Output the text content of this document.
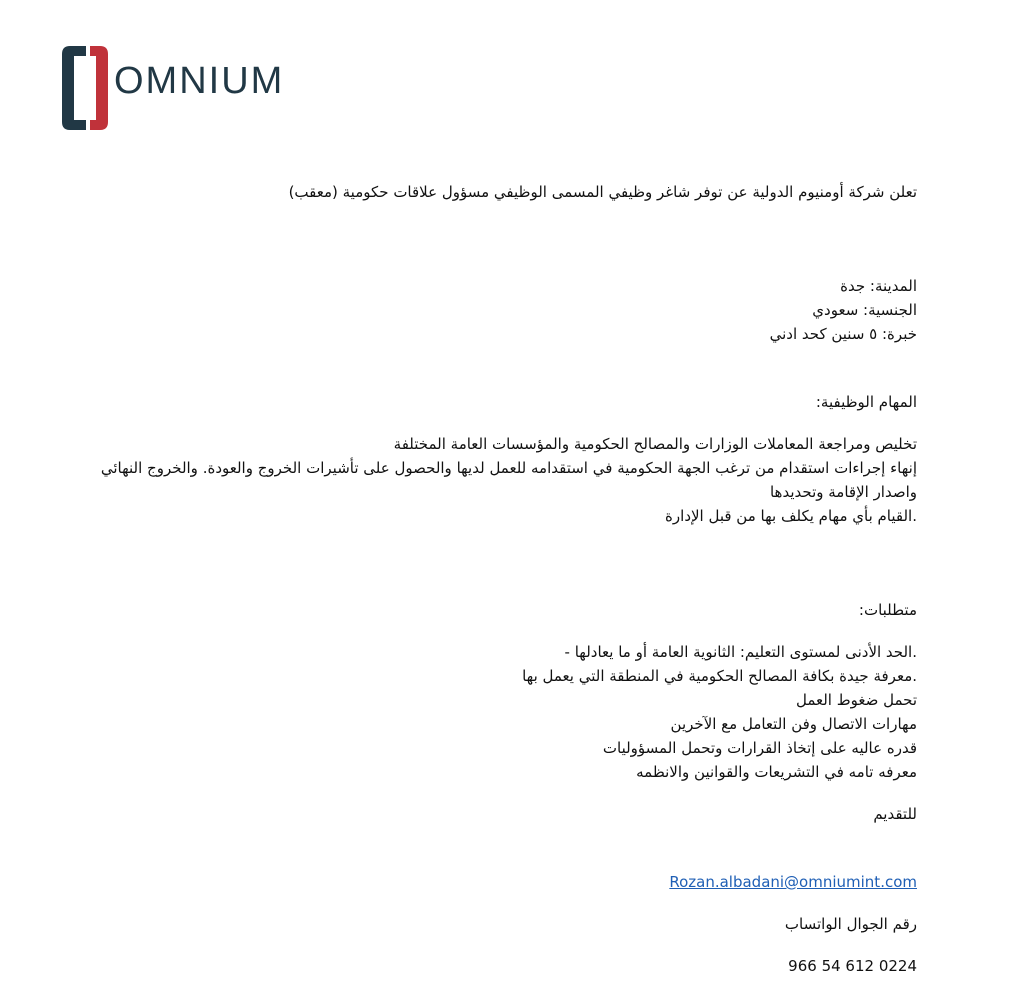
OMNIUM
تعلن شركة أومنيوم الدولية عن توفر شاغر وظيفي المسمى الوظيفي مسؤول علاقات حكومية (معقب)
المدينة: جدة
الجنسية: سعودي
خبرة: ٥ سنين كحد ادني
المهام الوظيفية:
تخليص ومراجعة المعاملات الوزارات والمصالح الحكومية والمؤسسات العامة المختلفة
إنهاء إجراءات استقدام من ترغب الجهة الحكومية في استقدامه للعمل لديها والحصول على تأشيرات الخروج والعودة. والخروج النهائي واصدار الإقامة وتحديدها
.القيام بأي مهام يكلف بها من قبل الإدارة
متطلبات:
.الحد الأدنى لمستوى التعليم: الثانوية العامة أو ما يعادلها -
.معرفة جيدة بكافة المصالح الحكومية في المنطقة التي يعمل بها
تحمل ضغوط العمل
مهارات الاتصال وفن التعامل مع الآخرين
قدره عاليه على إتخاذ القرارات وتحمل المسؤوليات
معرفه تامه في التشريعات والقوانين والانظمه
للتقديم
Rozan.albadani@omniumint.com
رقم الجوال الواتساب
966 54 612 0224
